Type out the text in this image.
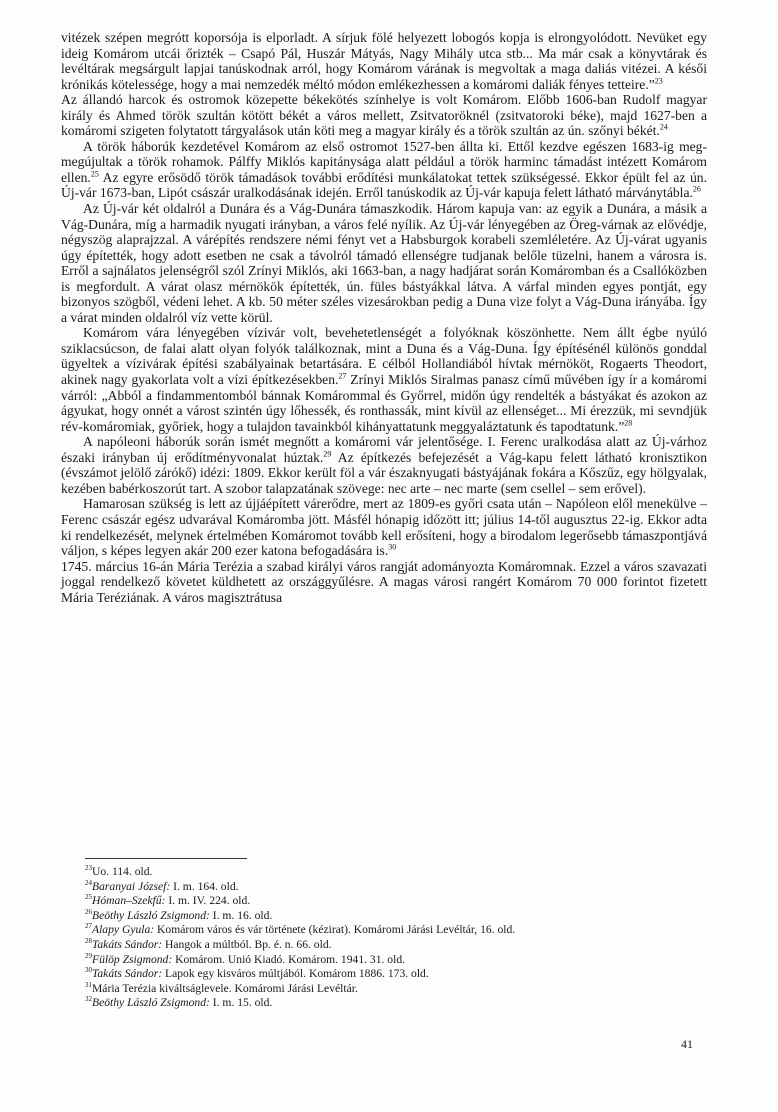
vitézek szépen megrótt koporsója is elporladt. A sírjuk fölé helyezett lobogós kopja is elrongyolódott. Nevüket egy ideig Komárom utcái őrizték – Csapó Pál, Huszár Mátyás, Nagy Mihály utca stb... Ma már csak a könyvtárak és levéltárak megsárgult lapjai tanúskodnak arról, hogy Komárom várának is megvoltak a maga daliás vitézei. A késői krónikás kötelessége, hogy a mai nemzedék méltó módon emlékezhessen a komáromi daliák fényes tetteire.”$^{23}$

Az állandó harcok és ostromok közepette békekötés színhelye is volt Komárom. Előbb 1606-ban Rudolf magyar király és Ahmed török szultán kötött békét a város mellett, Zsitvatoröknél (zsitvatoroki béke), majd 1627-ben a komáromi szigeten folytatott tárgyalások után köti meg a magyar király és a török szultán az ún. szőnyi békét.$^{24}$

A török háborúk kezdetével Komárom az első ostromot 1527-ben állta ki. Ettől kezdve egészen 1683-ig meg-megújultak a török rohamok. Pálffy Miklós kapitánysága alatt például a török harminc támadást intézett Komárom ellen.$^{25}$ Az egyre erősödő török támadások további erődítési munkálatokat tettek szükségessé. Ekkor épült fel az ún. Új-vár 1673-ban, Lipót császár uralkodásának idején. Erről tanúskodik az Új-vár kapuja felett látható márványtábla.$^{26}$

Az Új-vár két oldalról a Dunára és a Vág-Dunára támaszkodik. Három kapuja van: az egyik a Dunára, a másik a Vág-Dunára, míg a harmadik nyugati irányban, a város felé nyílik. Az Új-vár lényegében az Öreg-várnak az elővédje, négyszög alaprajzzal. A várépítés rendszere némi fényt vet a Habsburgok korabeli szemléletére. Az Új-várat ugyanis úgy építették, hogy adott esetben ne csak a távolról támadó ellenségre tudjanak belőle tüzelni, hanem a városra is. Erről a sajnálatos jelenségről szól Zrínyi Miklós, aki 1663-ban, a nagy hadjárat során Komáromban és a Csallóközben is megfordult. A várat olasz mérnökök építették, ún. füles bástyákkal látva. A várfal minden egyes pontját, egy bizonyos szögből, védeni lehet. A kb. 50 méter széles vizesárokban pedig a Duna vize folyt a Vág-Duna irányába. Így a várat minden oldalról víz vette körül.

Komárom vára lényegében vízivár volt, bevehetetlenségét a folyóknak köszönhette. Nem állt égbe nyúló sziklacsúcson, de falai alatt olyan folyók találkoznak, mint a Duna és a Vág-Duna. Így építésénél különös gonddal ügyeltek a vízivárak építési szabályainak betartására. E célból Hollandiából hívtak mérnököt, Rogaerts Theodort, akinek nagy gyakorlata volt a vízi építkezésekben.$^{27}$ Zrínyi Miklós Siralmas panasz című művében így ír a komáromi várról: „Abból a findammentomból bánnak Komárommal és Győrrel, midőn úgy rendelték a bástyákat és azokon az ágyukat, hogy onnét a várost szintén úgy lőhessék, és ronthassák, mint kívül az ellenséget... Mi érezzük, mi sevndjük rév-komáromiak, győriek, hogy a tulajdon tavainkból kihányattatunk meggyaláztatunk és tapodtatunk.”$^{28}$

A napóleoni háborúk során ismét megnőtt a komáromi vár jelentősége. I. Ferenc uralkodása alatt az Új-várhoz északi irányban új erődítményvonalat húztak.$^{29}$ Az építkezés befejezését a Vág-kapu felett látható kronisztikon (évszámot jelölő zárókő) idézi: 1809. Ekkor került föl a vár északnyugati bástyájának fokára a Kőszűz, egy hölgyalak, kezében babérkoszorút tart. A szobor talapzatának szövege: nec arte – nec marte (sem csellel – sem erővel).

Hamarosan szükség is lett az újjáépített várerődre, mert az 1809-es győri csata után – Napóleon elől menekülve – Ferenc császár egész udvarával Komáromba jött. Másfél hónapig időzött itt; július 14-től augusztus 22-ig. Ekkor adta ki rendelkezését, melynek értelmében Komáromot tovább kell erősíteni, hogy a birodalom legerősebb támaszpontjává váljon, s képes legyen akár 200 ezer katona befogadására is.$^{30}$

1745. március 16-án Mária Terézia a szabad királyi város rangját adományozta Komáromnak. Ezzel a város szavazati joggal rendelkező követet küldhetett az országgyűlésre. A magas városi rangért Komárom 70 000 forintot fizetett Mária Teréziának. A város magisztrátusa

$^{23}$Uo. 114. old.
$^{24}$Baranyai József: I. m. 164. old.
$^{25}$Hóman–Szekfű: I. m. IV. 224. old.
$^{26}$Beöthy László Zsigmond: I. m. 16. old.
$^{27}$Alapy Gyula: Komárom város és vár története (kézirat). Komáromi Járási Levéltár, 16. old.
$^{28}$Takáts Sándor: Hangok a múltból. Bp. é. n. 66. old.
$^{29}$Fülöp Zsigmond: Komárom. Unió Kiadó. Komárom. 1941. 31. old.
$^{30}$Takáts Sándor: Lapok egy kisváros múltjából. Komárom 1886. 173. old.
$^{31}$Mária Terézia kiváltságlevele. Komáromi Járási Levéltár.
$^{32}$Beöthy László Zsigmond: I. m. 15. old.
41
